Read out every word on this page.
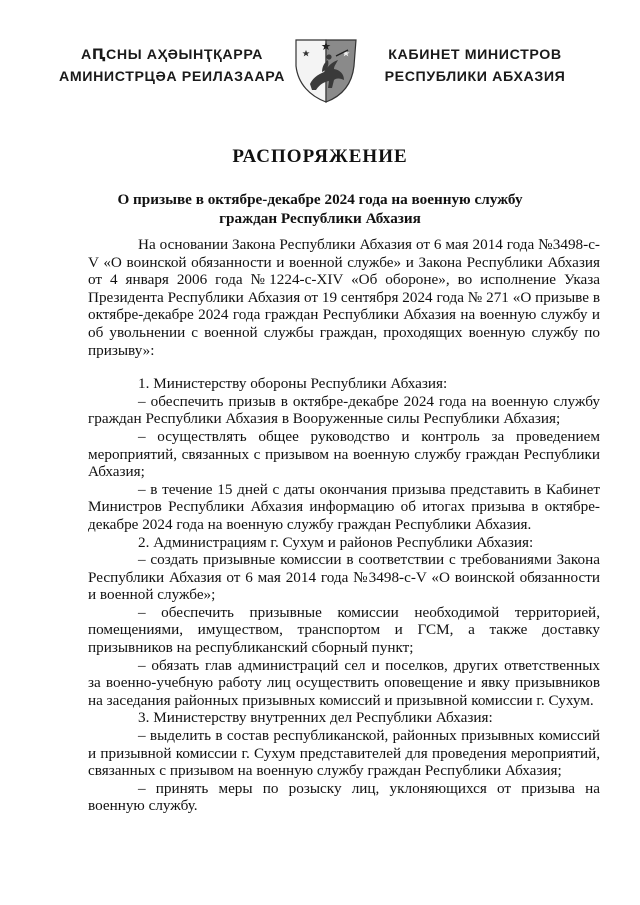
АԤСНЫ АҲӘЫНҬҚАРРА
АМИНИСТРЦӘА РЕИЛАЗААРА
КАБИНЕТ МИНИСТРОВ
РЕСПУБЛИКИ АБХАЗИЯ
РАСПОРЯЖЕНИЕ
О призыве в октябре-декабре 2024 года на военную службу
граждан Республики Абхазия

На основании Закона Республики Абхазия от 6 мая 2014 года №3498-с-V «О воинской обязанности и военной службе» и Закона Республики Абхазия от 4 января 2006 года №1224-с-XIV «Об обороне», во исполнение Указа Президента Республики Абхазия от 19 сентября 2024 года № 271 «О призыве в октябре-декабре 2024 года граждан Республики Абхазия на военную службу и об увольнении с военной службы граждан, проходящих военную службу по призыву»:

1. Министерству обороны Республики Абхазия:

– обеспечить призыв в октябре-декабре 2024 года на военную службу граждан Республики Абхазия в Вооруженные силы Республики Абхазия;

– осуществлять общее руководство и контроль за проведением мероприятий, связанных с призывом на военную службу граждан Республики Абхазия;

– в течение 15 дней с даты окончания призыва представить в Кабинет Министров Республики Абхазия информацию об итогах призыва в октябре-декабре 2024 года на военную службу граждан Республики Абхазия.

2. Администрациям г. Сухум и районов Республики Абхазия:

– создать призывные комиссии в соответствии с требованиями Закона Республики Абхазия от 6 мая 2014 года №3498-с-V «О воинской обязанности и военной службе»;

– обеспечить призывные комиссии необходимой территорией, помещениями, имуществом, транспортом и ГСМ, а также доставку призывников на республиканский сборный пункт;

– обязать глав администраций сел и поселков, других ответственных за военно-учебную работу лиц осуществить оповещение и явку призывников на заседания районных призывных комиссий и призывной комиссии г. Сухум.

3. Министерству внутренних дел Республики Абхазия:

– выделить в состав республиканской, районных призывных комиссий и призывной комиссии г. Сухум представителей для проведения мероприятий, связанных с призывом на военную службу граждан Республики Абхазия;

– принять меры по розыску лиц, уклоняющихся от призыва на военную службу.
